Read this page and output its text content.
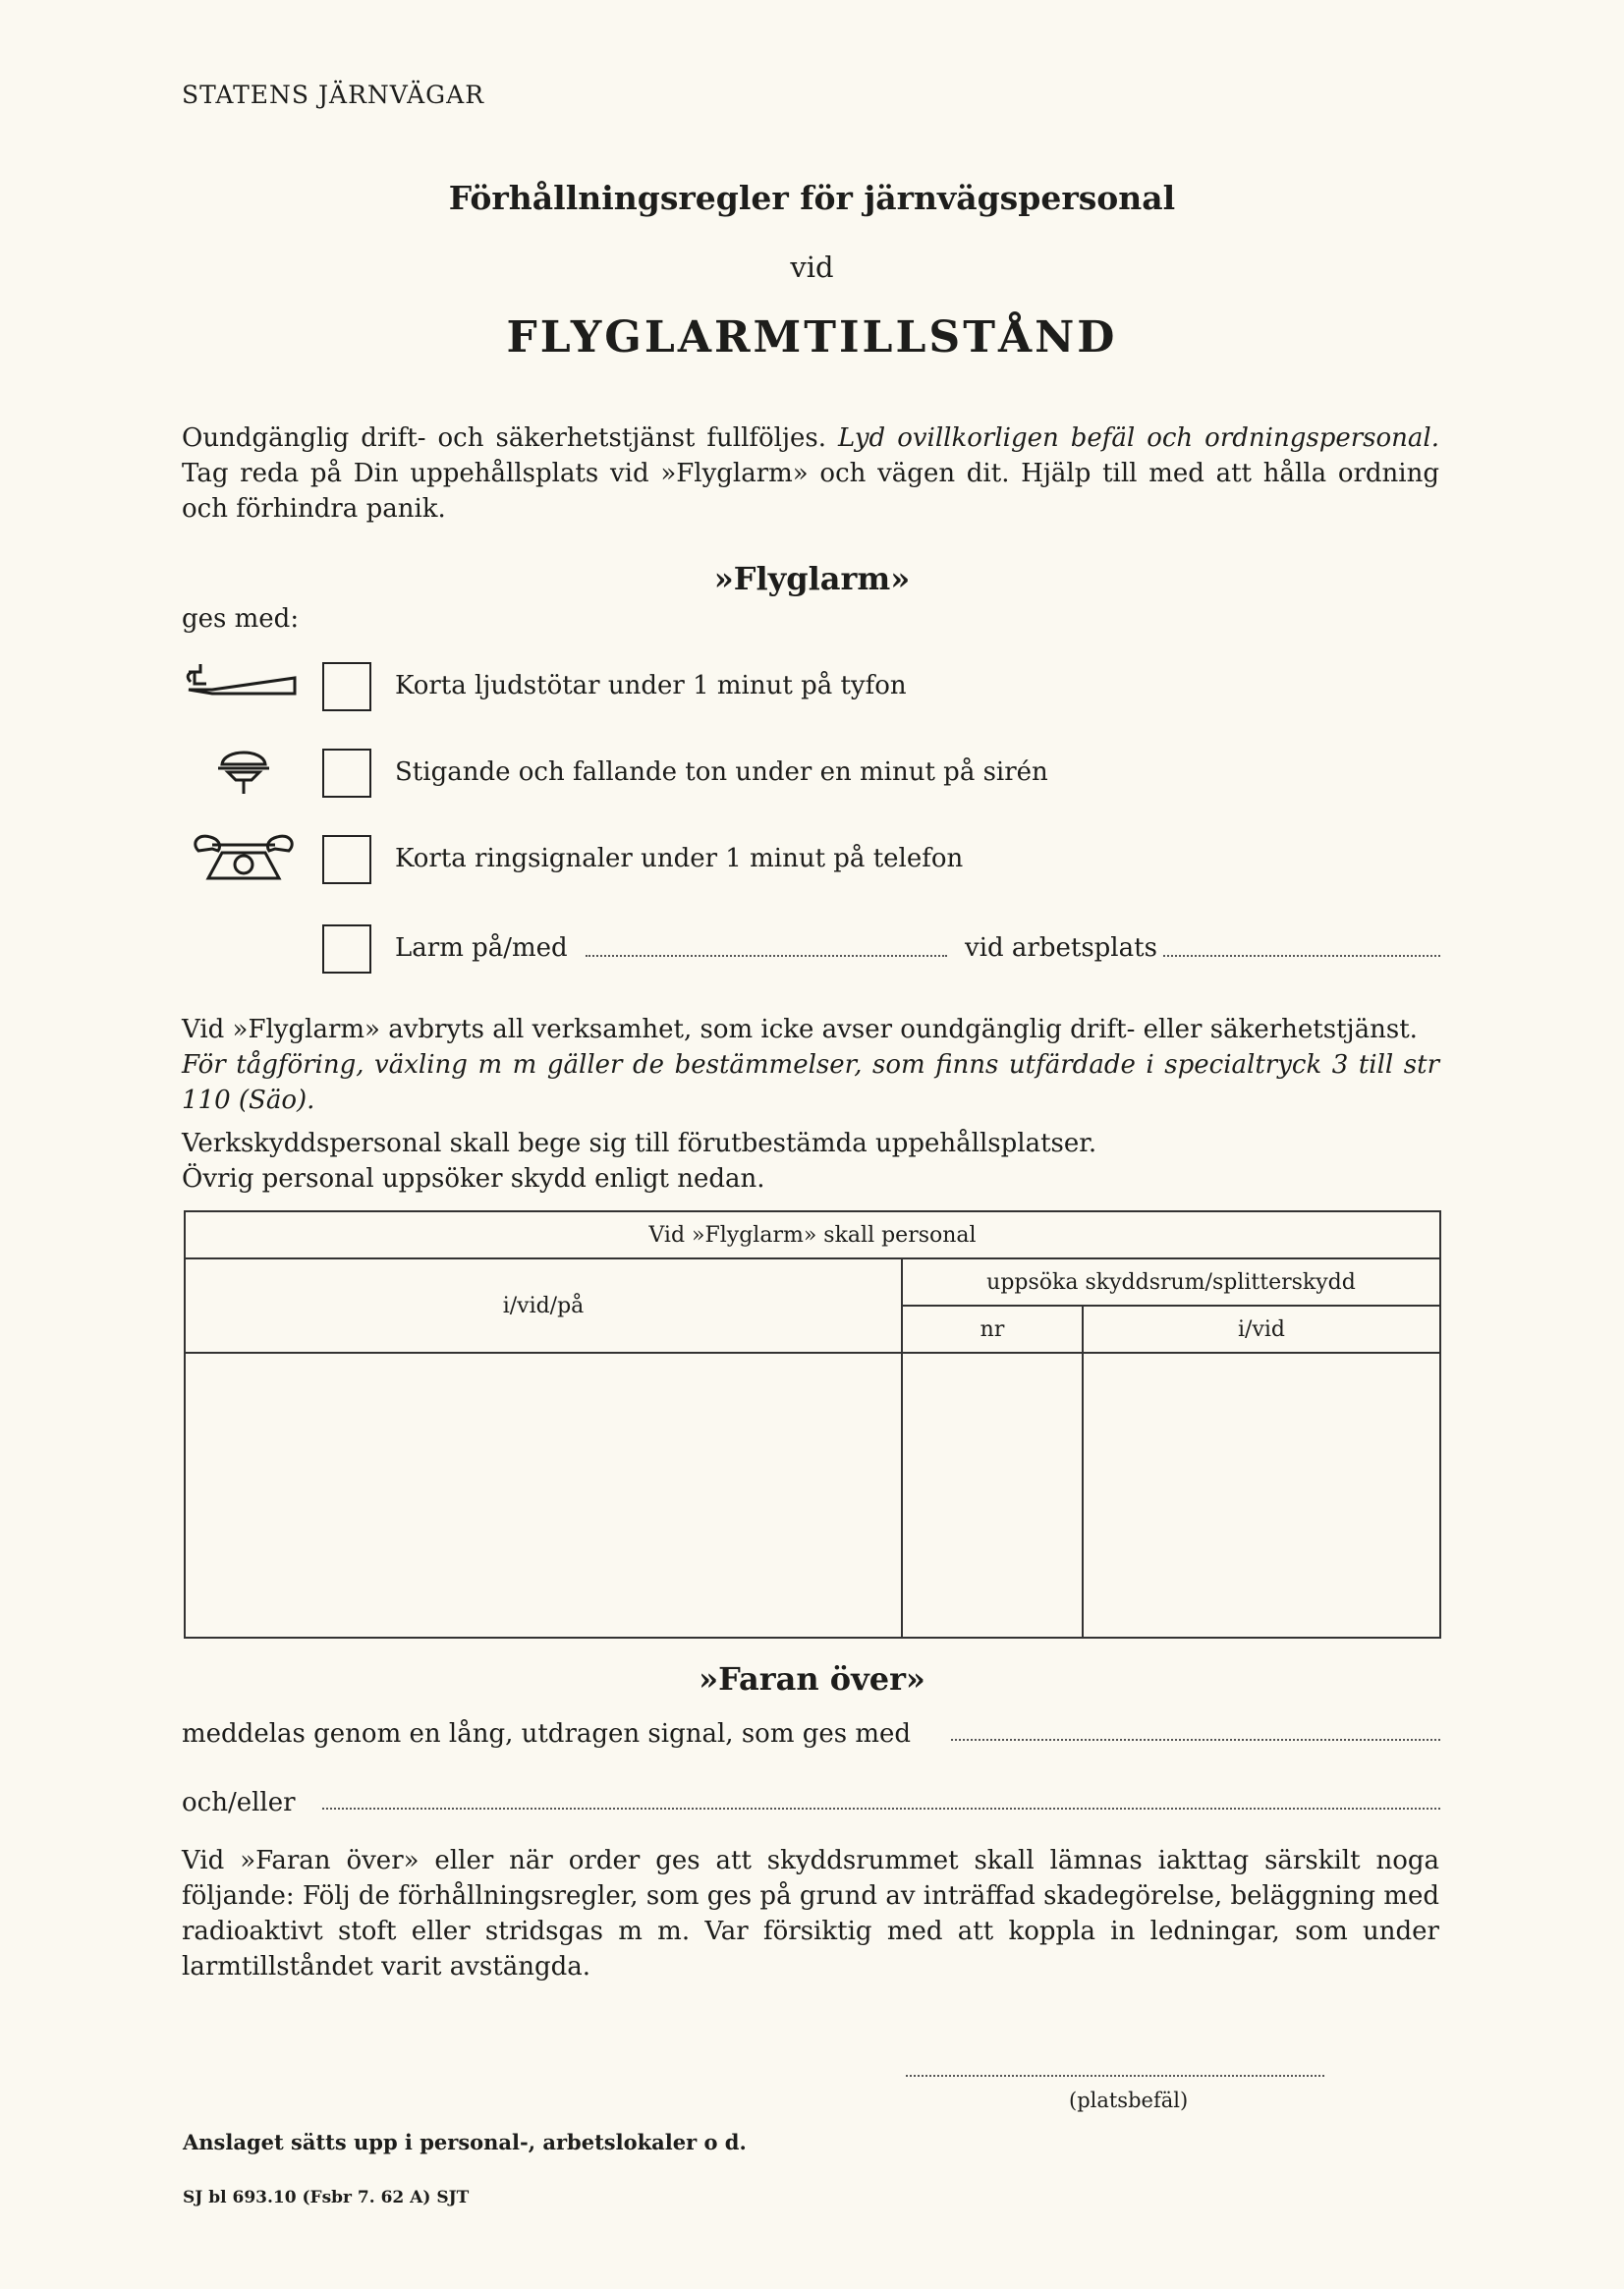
STATENS JÄRNVÄGAR
Förhållningsregler för järnvägspersonal
vid
FLYGLARMTILLSTÅND
Oundgänglig drift- och säkerhetstjänst fullföljes. Lyd ovillkorligen befäl och ordningspersonal. Tag reda på Din uppehållsplats vid »Flyglarm» och vägen dit. Hjälp till med att hålla ordning och förhindra panik.
»Flyglarm»
ges med:
Korta ljudstötar under 1 minut på tyfon
Stigande och fallande ton under en minut på sirén
Korta ringsignaler under 1 minut på telefon
Larm på/med	vid arbetsplats
Vid »Flyglarm» avbryts all verksamhet, som icke avser oundgänglig drift- eller säkerhetstjänst.
För tågföring, växling m m gäller de bestämmelser, som finns utfärdade i specialtryck 3 till str 110 (Säo).
Verkskyddspersonal skall bege sig till förutbestämda uppehållsplatser.
Övrig personal uppsöker skydd enligt nedan.
Vid »Flyglarm» skall personal		
i/vid/på	uppsöka skyddsrum/splitterskydd	
	nr	i/vid

»Faran över»
meddelas genom en lång, utdragen signal, som ges med
och/eller
Vid »Faran över» eller när order ges att skyddsrummet skall lämnas iakttag särskilt noga följande: Följ de förhållningsregler, som ges på grund av inträffad skadegörelse, beläggning med radioaktivt stoft eller stridsgas m m. Var försiktig med att koppla in ledningar, som under larmtillståndet varit avstängda.
(platsbefäl)
Anslaget sätts upp i personal-, arbetslokaler o d.
SJ bl 693.10 (Fsbr 7. 62 A) SJT
